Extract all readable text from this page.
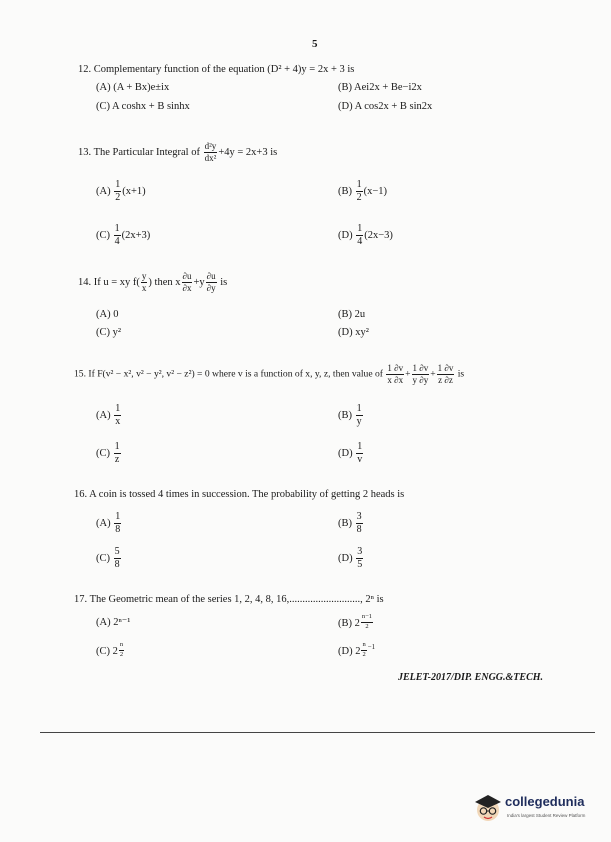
5
12. Complementary function of the equation (D² + 4)y = 2x + 3 is
(A) (A + Bx)e±ix	(B) Aei2x + Be−i2x
(C) A coshx + B sinhx	(D) A cos2x + B sin2x
13. The Particular Integral of $\frac{\text{d²y}}{\text{dx²}} +4y = 2x+3$ is
$(A) \frac{1}{2} (x+1)$	$(B) \frac{1}{2} (x-1)$
$(C) \frac{1}{4} (2x+3)$	$(D) \frac{1}{4} (2x-3)$
14. If u = xy $f( \frac{y}{x}$ ) then x $\frac{\partial u}{\partial x} +y \frac{\partial u}{\partial y}$ is
(A) 0	(B) 2u
(C) y²	(D) xy²
15. If F(v² − x², v² − y², v² − z²) = 0 where v is a function of x, y, z, then value of $\frac{1 \partial v}{x \partial x} + \frac{1 \partial v}{y \partial y} + \frac{1 \partial v}{z \partial z}$ is
$(A) \frac{1}{x}$	$(B) \frac{1}{y}$
$(C) \frac{1}{z}$	$(D) \frac{1}{v}$
16. A coin is tossed 4 times in succession. The probability of getting 2 heads is
$(A) \frac{1}{8}$	$(B) \frac{3}{8}$
$(C) \frac{5}{8}$	$(D) \frac{3}{5}$
17. The Geometric mean of the series 1, 2, 4, 8, 16,..........................., 2ⁿ is
(A) 2ⁿ⁻¹	(B) 2 $^{\frac{n-1}{2}}$
(C) 2 $^{\frac{n}{2}}$	(D) 2 $^{\frac{n}{2} -1}$
JELET-2017/DIP. ENGG.&TECH.
collegedunia
India's largest Student Review Platform
